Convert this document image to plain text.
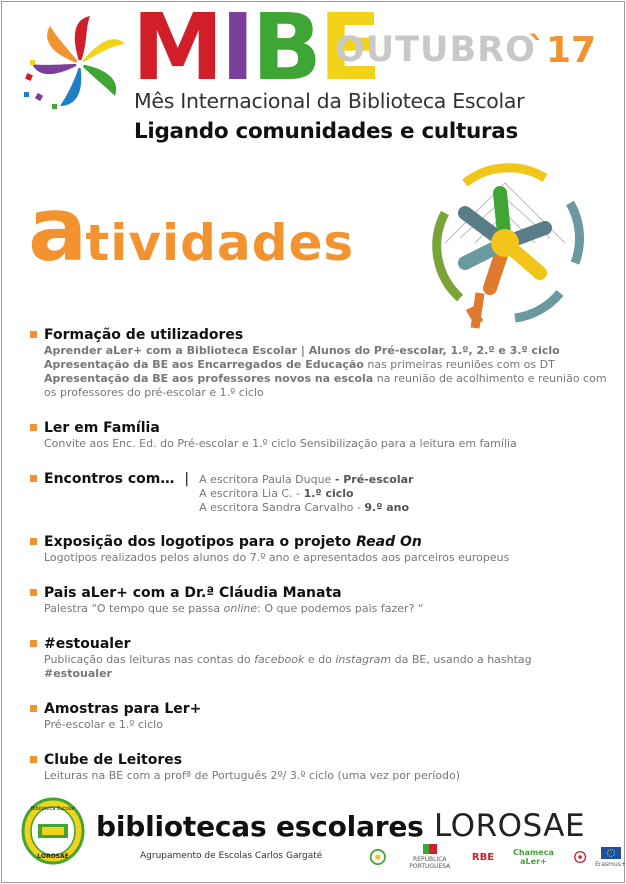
MIBE
OUTUBRO
`17
Mês Internacional da Biblioteca Escolar
Ligando comunidades e culturas
atividades
Formação de utilizadores
Aprender aLer+ com a Biblioteca Escolar | Alunos do Pré-escolar, 1.º, 2.º e 3.º ciclo
Apresentação da BE aos Encarregados de Educação nas primeiras reuniões com os DT
Apresentação da BE aos professores novos na escola na reunião de acolhimento e reunião com os professores do pré-escolar e 1.º ciclo
Ler em Família
Convite aos Enc. Ed. do Pré-escolar e 1.º ciclo Sensibilização para a leitura em família
Encontros com… | A escritora Paula Duque - Pré-escolar
A escritora Lia C. - 1.º ciclo
A escritora Sandra Carvalho - 9.º ano
Exposição dos logotipos para o projeto Read On
Logotipos realizados pelos alunos do 7.º ano e apresentados aos parceiros europeus
Pais aLer+ com a Dr.ª Cláudia Manata
Palestra “O tempo que se passa online: O que podemos pais fazer? “
#estoualer
Publicação das leituras nas contas do facebook e do instagram da BE, usando a hashtag
#estoualer
Amostras para Ler+
Pré-escolar e 1.º ciclo
Clube de Leitores
Leituras na BE com a profª de Português 2º/ 3.º ciclo (uma vez por período)
Biblioteca Escolar
LOROSAE
bibliotecas escolares LOROSAE
Agrupamento de Escolas Carlos Gargaté	REPÚBLICA PORTUGUESA
RBE	Chameca aLer+	Erasmus+
